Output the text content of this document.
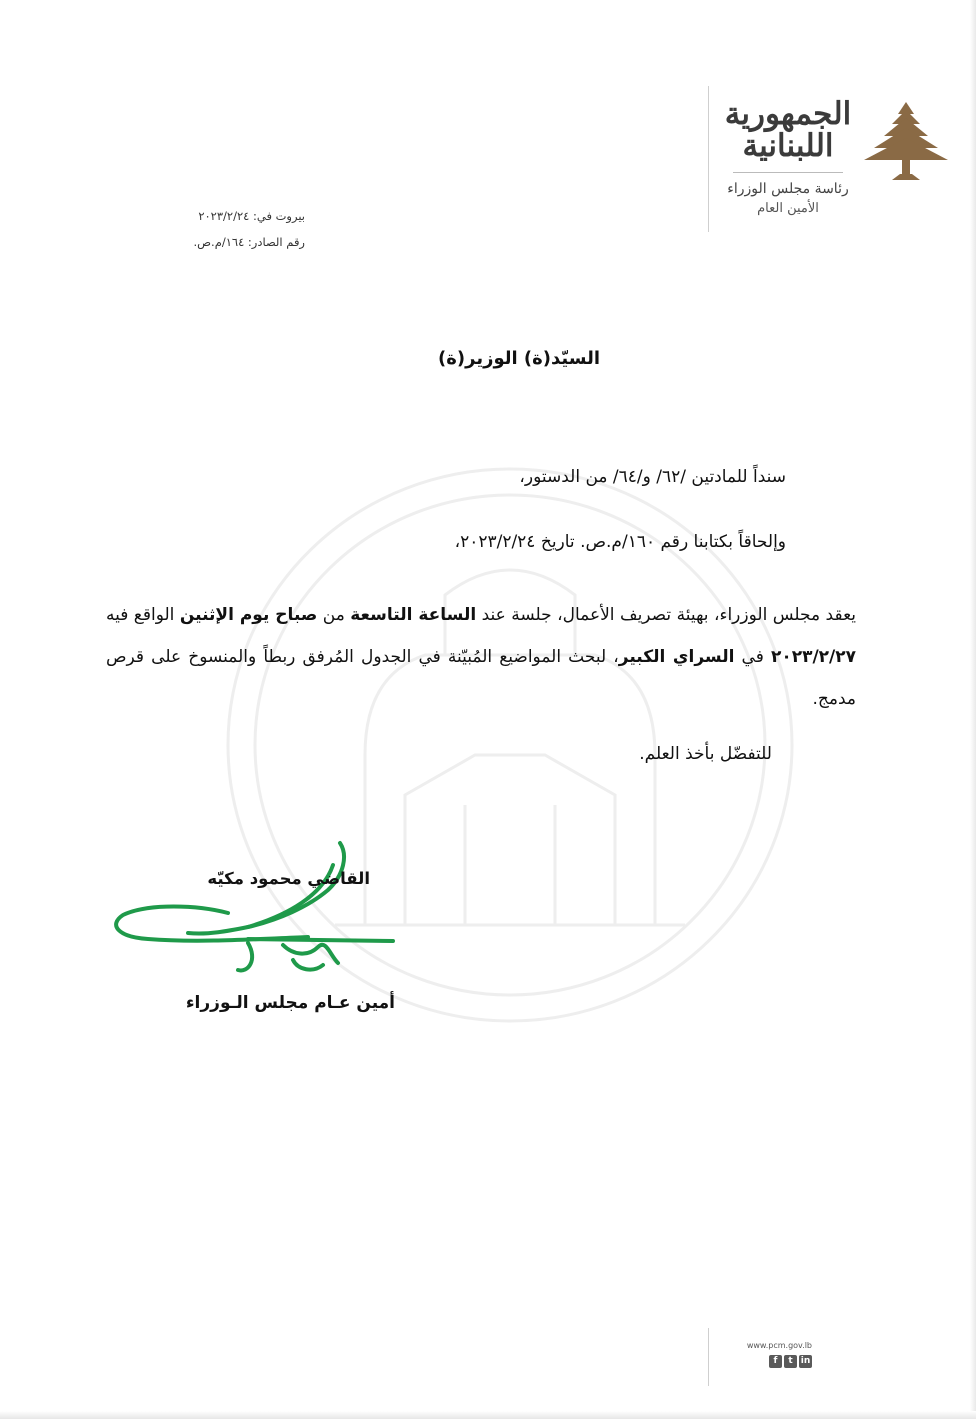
الجمهورية
اللبنانية
رئاسة مجلس الوزراء
الأمين العام
بيروت في: ٢٠٢٣/٢/٢٤
رقم الصادر: ١٦٤/م.ص.
السيّد(ة) الوزير(ة)
سنداً للمادتين /٦٢/ و/٦٤/ من الدستور،
وإلحاقاً بكتابنا رقم ١٦٠/م.ص. تاريخ ٢٠٢٣/٢/٢٤،
يعقد مجلس الوزراء، بهيئة تصريف الأعمال، جلسة عند الساعة التاسعة من صباح يوم الإثنين الواقع فيه ٢٠٢٣/٢/٢٧ في السراي الكبير، لبحث المواضيع المُبيّنة في الجدول المُرفق ربطاً والمنسوخ على قرص مدمج.
للتفضّل بأخذ العلم.
القاضي محمود مكيّه
أمين عـام مجلس الـوزراء
www.pcm.gov.lb
f	t in
